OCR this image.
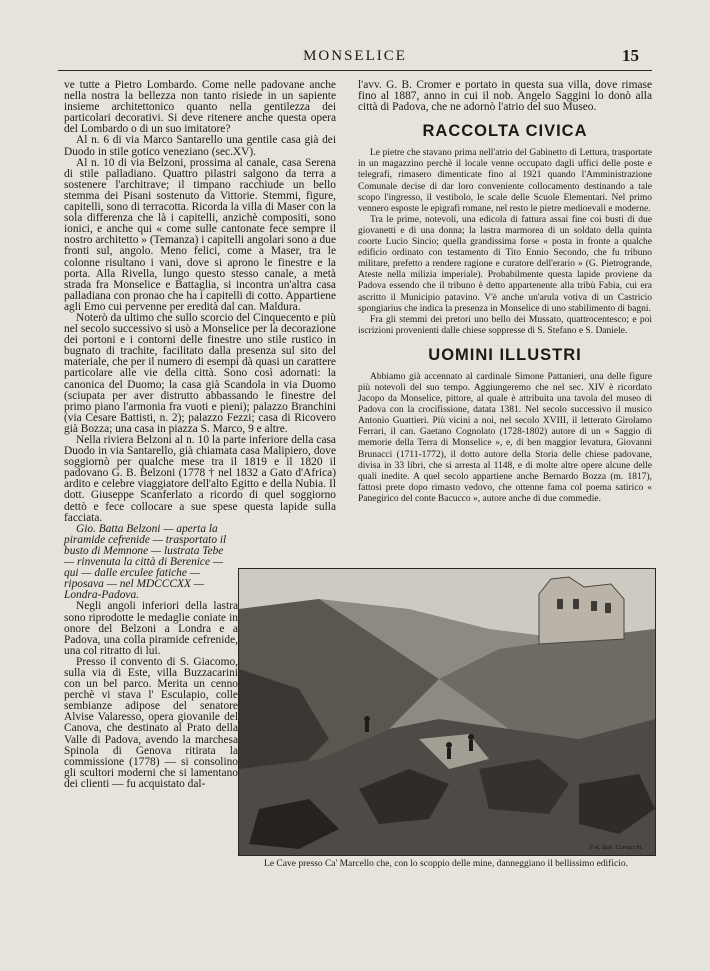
MONSELICE	15

ve tutte a Pietro Lombardo. Come nelle padovane anche nella nostra la bellezza non tanto risiede in un sapiente insieme architettonico quanto nella gentilezza dei particolari decorativi. Si deve ritenere anche questa opera del Lombardo o di un suo imitatore?

Al n. 6 di via Marco Santarello una gentile casa già dei Duodo in stile gotico veneziano (sec.XV).

Al n. 10 di via Belzoni, prossima al canale, casa Serena di stile palladiano. Quattro pilastri salgono da terra a sostenere l'architrave; il timpano racchiude un bello stemma dei Pisani sostenuto da Vittorie. Stemmi, figure, capitelli, sono di terracotta. Ricorda la villa di Maser con la sola differenza che là i capitelli, anzichè compositi, sono ionici, e anche qui « come sulle cantonate fece sempre il nostro architetto » (Temanza) i capitelli angolari sono a due fronti sul, angolo. Meno felici, come a Maser, tra le colonne risultano i vani, dove si aprono le finestre e la porta. Alla Rivella, lungo questo stesso canale, a metà strada fra Monselice e Battaglia, si incontra un'altra casa palladiana con pronao che ha i capitelli di cotto. Appartiene agli Emo cui pervenne per eredità dal can. Maldura.

Noterò da ultimo che sullo scorcio del Cinquecento e più nel secolo successivo si usò a Monselice per la decorazione dei portoni e i contorni delle finestre uno stile rustico in bugnato di trachite, facilitato dalla presenza sul sito del materiale, che per il numero di esempi dà quasi un carattere particolare alle vie della città. Sono così adornati: la canonica del Duomo; la casa già Scandola in via Duomo (sciupata per aver distrutto abbassando le finestre del primo piano l'armonia fra vuoti e pieni); palazzo Branchini (via Cesare Battisti, n. 2); palazzo Fezzi; casa di Ricovero già Bozza; una casa in piazza S. Marco, 9 e altre.

Nella riviera Belzoni al n. 10 la parte inferiore della casa Duodo in via Santarello, già chiamata casa Malipiero, dove soggiornò per qualche mese tra il 1819 e il 1820 il padovano G. B. Belzoni (1778 † nel 1832 a Gato d'Africa) ardito e celebre viaggiatore dell'alto Egitto e della Nubia. Il dott. Giuseppe Scanferlato a ricordo di quel soggiorno dettò e fece collocare a sue spese questa lapide sulla facciata.

Gio. Batta Belzoni — aperta la piramide cefrenide — trasportato il busto di Memnone — lustrata Tebe — rinvenuta la città di Berenice — qui — dalle erculee fatiche — riposava — nel MDCCCXX — Londra-Padova.

Negli angoli inferiori della lastra sono riprodotte le medaglie coniate in onore del Belzoni a Londra e a Padova, una colla piramide cefrenide, una col ritratto di lui.

Presso il convento di S. Giacomo, sulla via di Este, villa Buzzacarini con un bel parco. Merita un cenno perchè vi stava l' Esculapio, colle sembianze adipose del senatore Alvise Valaresso, opera giovanile del Canova, che destinato al Prato della Valle di Padova, avendo la marchesa Spinola di Genova ritirata la commissione (1778) — si consolino gli scultori moderni che si lamentano dei clienti — fu acquistato dal-

l'avv. G. B. Cromer e portato in questa sua villa, dove rimase fino al 1887, anno in cui il nob. Angelo Saggini lo donò alla città di Padova, che ne adornò l'atrio del suo Museo.

RACCOLTA CIVICA

Le pietre che stavano prima nell'atrio del Gabinetto di Lettura, trasportate in un magazzino perchè il locale venne occupato dagli uffici delle poste e telegrafi, rimasero dimenticate fino al 1921 quando l'Amministrazione Comunale decise di dar loro conveniente collocamento destinando a tale scopo l'ingresso, il vestibolo, le scale delle Scuole Elementari. Nel primo vennero esposte le epigrafi romane, nel resto le pietre medioevali e moderne.

Tra le prime, notevoli, una edicola di fattura assai fine coi busti di due giovanetti e di una donna; la lastra marmorea di un soldato della quinta coorte Lucio Sincio; quella grandissima forse « posta in fronte a qualche edificio ordinato con testamento di Tito Ennio Secondo, che fu tribuno militare, prefetto a rendere ragione e curatore dell'erario » (G. Pietrogrande, Ateste nella milizia imperiale). Probabilmente questa lapide proviene da Padova essendo che il tribuno è detto appartenente alla tribù Fabia, cui era ascritto il Municipio patavino. V'è anche un'arula votiva di un Castricio spongiarius che indica la presenza in Monselice di uno stabilimento di bagni.

Fra gli stemmi dei pretori uno bello dei Mussato, quattrocentesco; e poi iscrizioni provenienti dalle chiese soppresse di S. Stefano e S. Daniele.

UOMINI ILLUSTRI

Abbiamo già accennato al cardinale Simone Pattanieri, una delle figure più notevoli del suo tempo. Aggiungeremo che nel sec. XIV è ricordato Jacopo da Monselice, pittore, al quale è attribuita una tavola del museo di Padova con la crocifissione, datata 1381. Nel secolo successivo il musico Antonio Guattieri. Più vicini a noi, nel secolo XVIII, il letterato Girolamo Ferrari, il can. Gaetano Cognolato (1728-1802) autore di un « Saggio di memorie della Terra di Monselice », e, di ben maggior levatura, Giovanni Brunacci (1711-1772), il dotto autore della Storia delle chiese padovane, divisa in 33 libri, che si arresta al 1148, e di molte altre opere alcune delle quali inedite. A quel secolo appartiene anche Bernardo Bozza (m. 1817), fattosi prete dopo rimasto vedovo, che ottenne fama col poema satirico « Panegirico del conte Bacucco », autore anche di due commedie.

Fot. dott. Curiacchi.
Le Cave presso Ca' Marcello che, con lo scoppio delle mine, danneggiano il bellissimo edificio.
